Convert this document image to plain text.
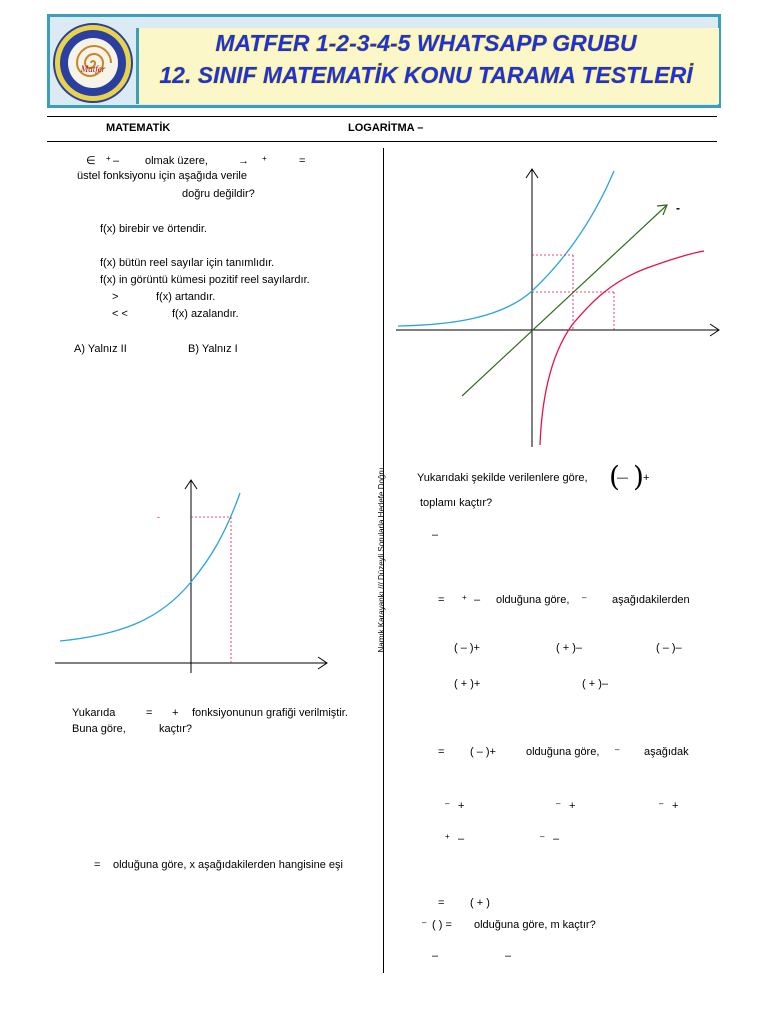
Matfer
MATFER 1-2-3-4-5 WHATSAPP GRUBU
12. SINIF MATEMATİK KONU TARAMA TESTLERİ
MATEMATİK	LOGARİTMA –
Namık Karayankı /// Düzeyli Sorularla Hedefe Doğru
∈ + – olmak üzere,	→ +	=
üstel fonksiyonu için aşağıda verile
doğru değildir?
f(x) birebir ve örtendir.
f(x) bütün reel sayılar için tanımlıdır.
f(x) in görüntü kümesi pozitif reel sayılardır.
>	f(x) artandır.
< <	f(x) azalandır.
A) Yalnız II	B) Yalnız I
-
Yukarıda	= + fonksiyonunun grafiği verilmiştir.
Buna göre,	kaçtır?
= olduğuna göre, x aşağıdakilerden hangisine eşi
-
Yukarıdaki şekilde verilenlere göre, (
— ) +
toplamı kaçtır?
–
= + – olduğuna göre, – aşağıdakilerden
( – )+	( + )–	( – )–
( + )+	( + )–
= ( – )+	olduğuna göre, – aşağıdak
– +	– +	– +
+ –	– –
= ( + )
– ( ) = olduğuna göre, m kaçtır?
–	–
